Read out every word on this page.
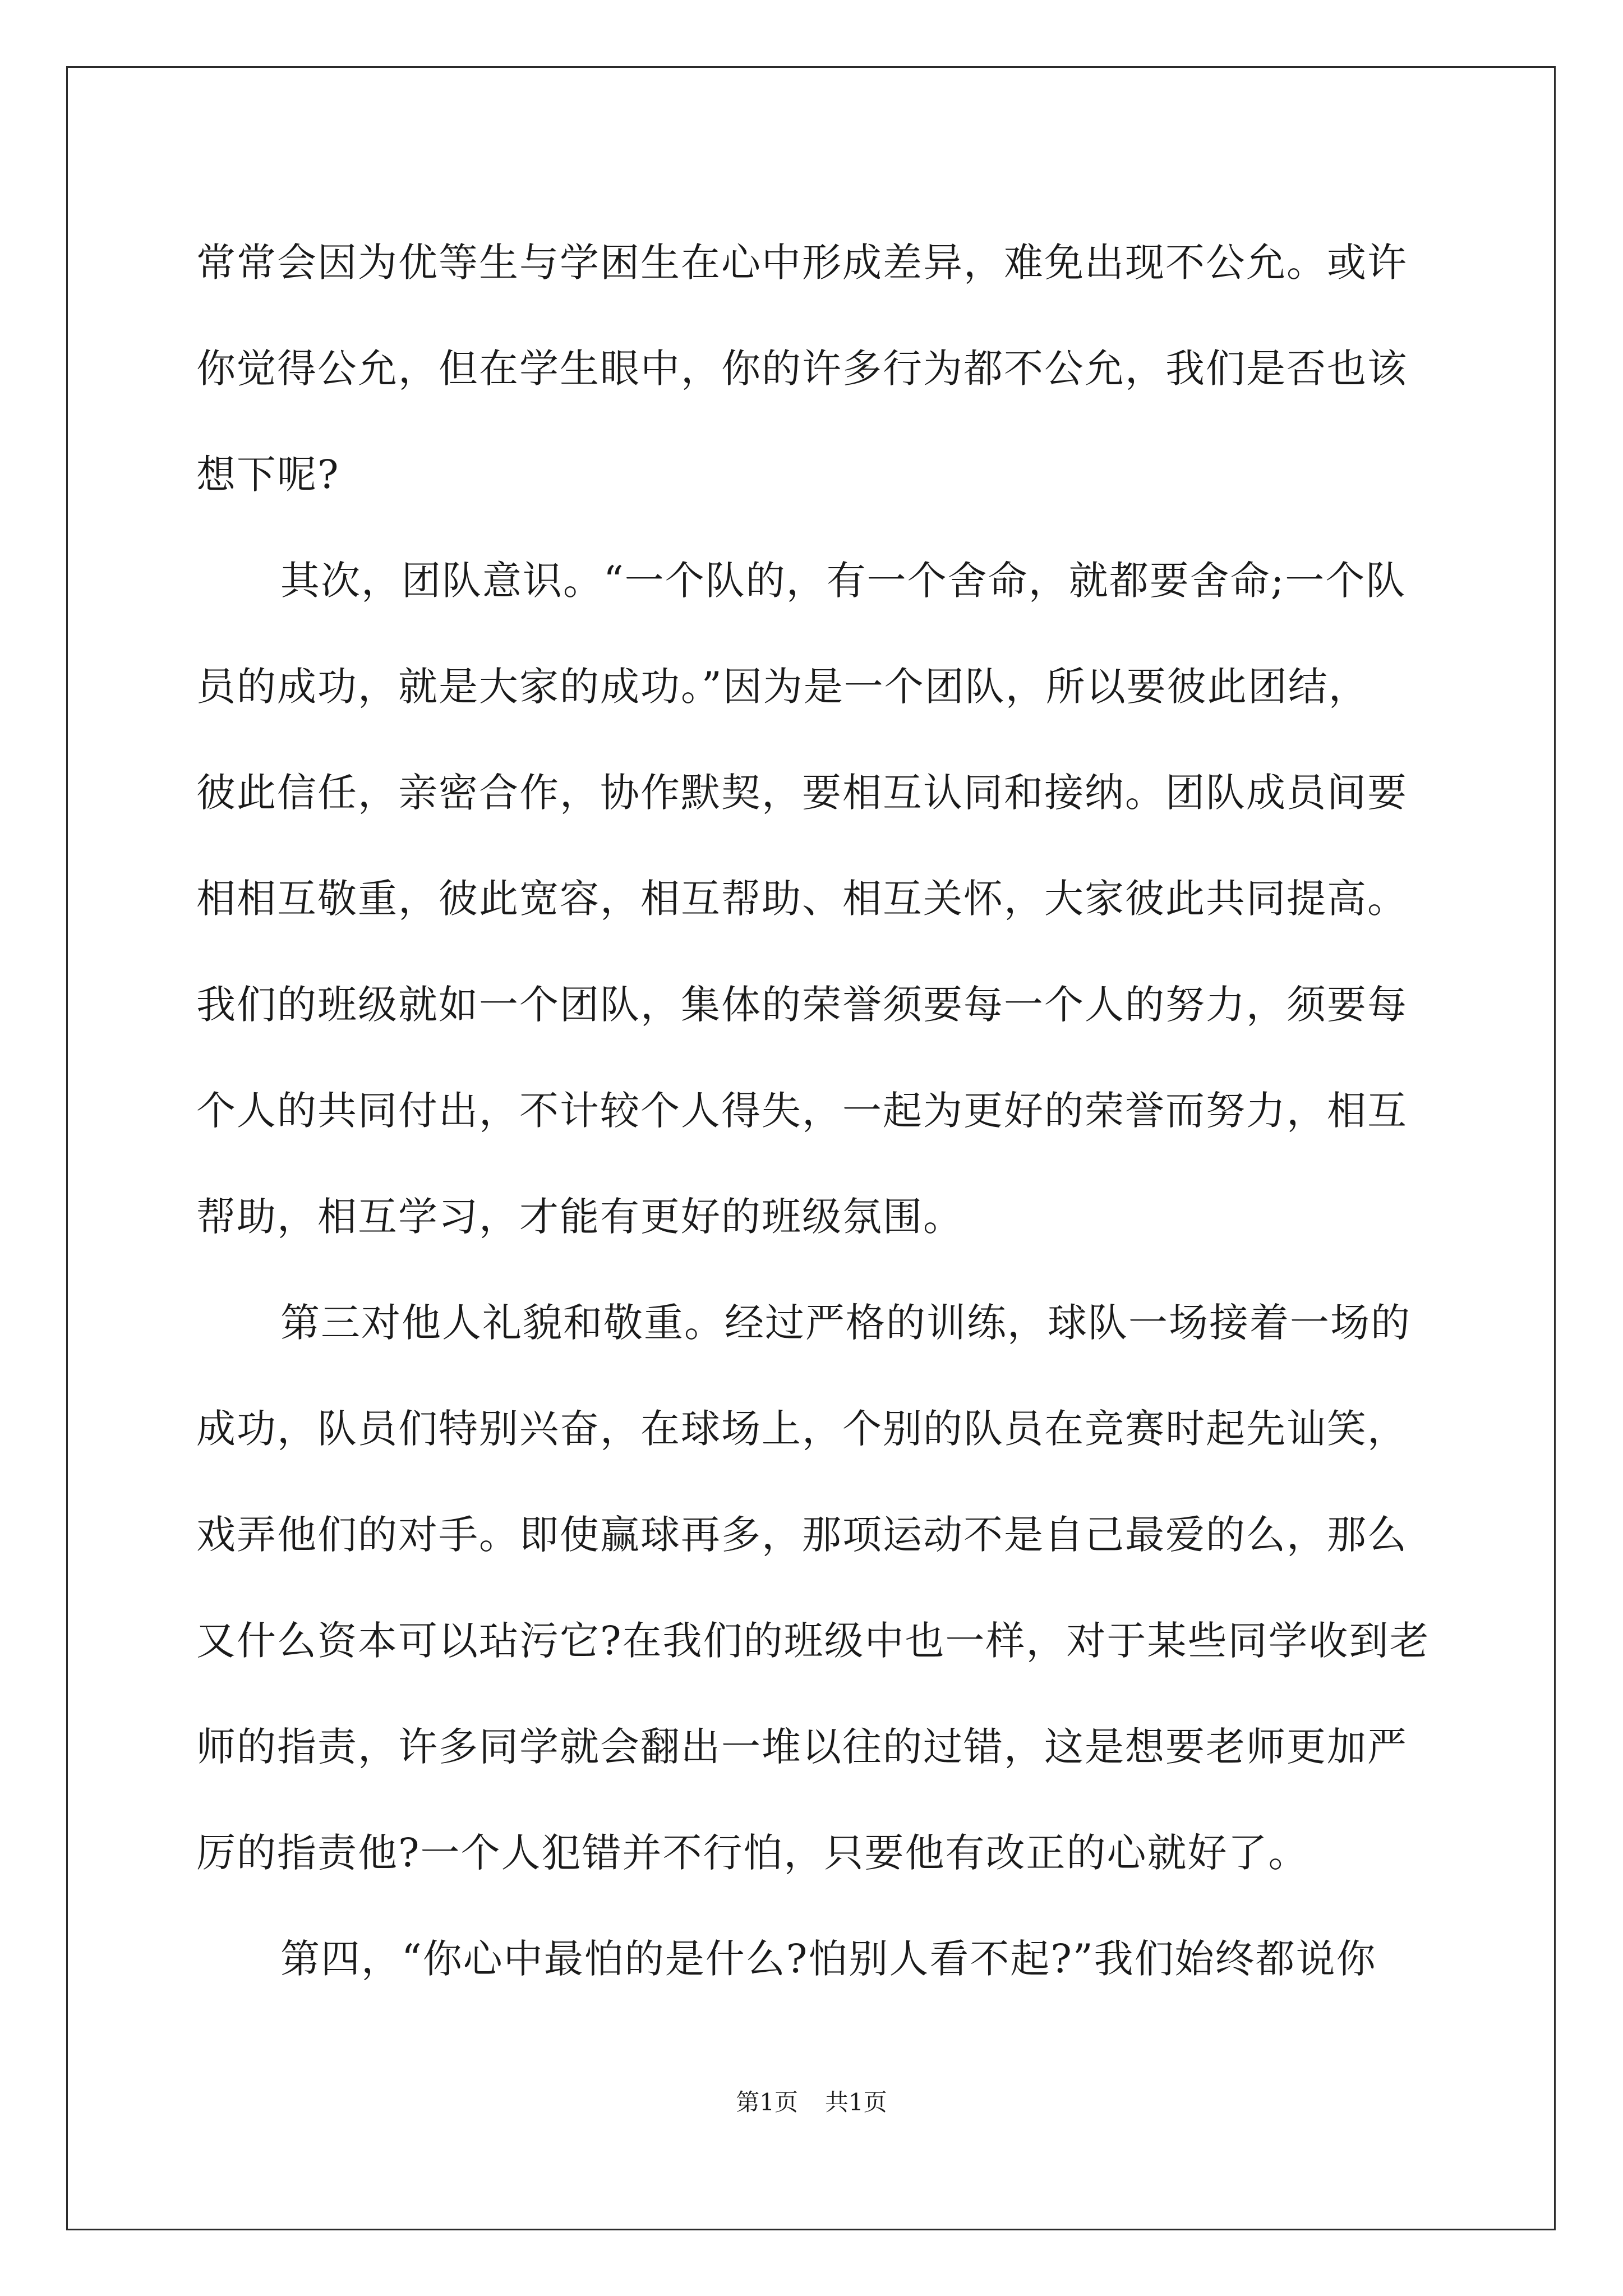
常常会因为优等生与学困生在心中形成差异，难免出现不公允。或许
你觉得公允，但在学生眼中，你的许多行为都不公允，我们是否也该
想下呢?
其次，团队意识。“一个队的，有一个舍命，就都要舍命;一个队
员的成功，就是大家的成功。”因为是一个团队，所以要彼此团结，
彼此信任，亲密合作，协作默契，要相互认同和接纳。团队成员间要
相相互敬重，彼此宽容，相互帮助、相互关怀，大家彼此共同提高。
我们的班级就如一个团队，集体的荣誉须要每一个人的努力，须要每
个人的共同付出，不计较个人得失，一起为更好的荣誉而努力，相互
帮助，相互学习，才能有更好的班级氛围。
第三对他人礼貌和敬重。经过严格的训练，球队一场接着一场的
成功，队员们特别兴奋，在球场上，个别的队员在竞赛时起先讪笑，
戏弄他们的对手。即使赢球再多，那项运动不是自己最爱的么，那么
又什么资本可以玷污它?在我们的班级中也一样，对于某些同学收到老
师的指责，许多同学就会翻出一堆以往的过错，这是想要老师更加严
厉的指责他?一个人犯错并不行怕，只要他有改正的心就好了。
第四，“你心中最怕的是什么?怕别人看不起?”我们始终都说你
第1页 共1页
